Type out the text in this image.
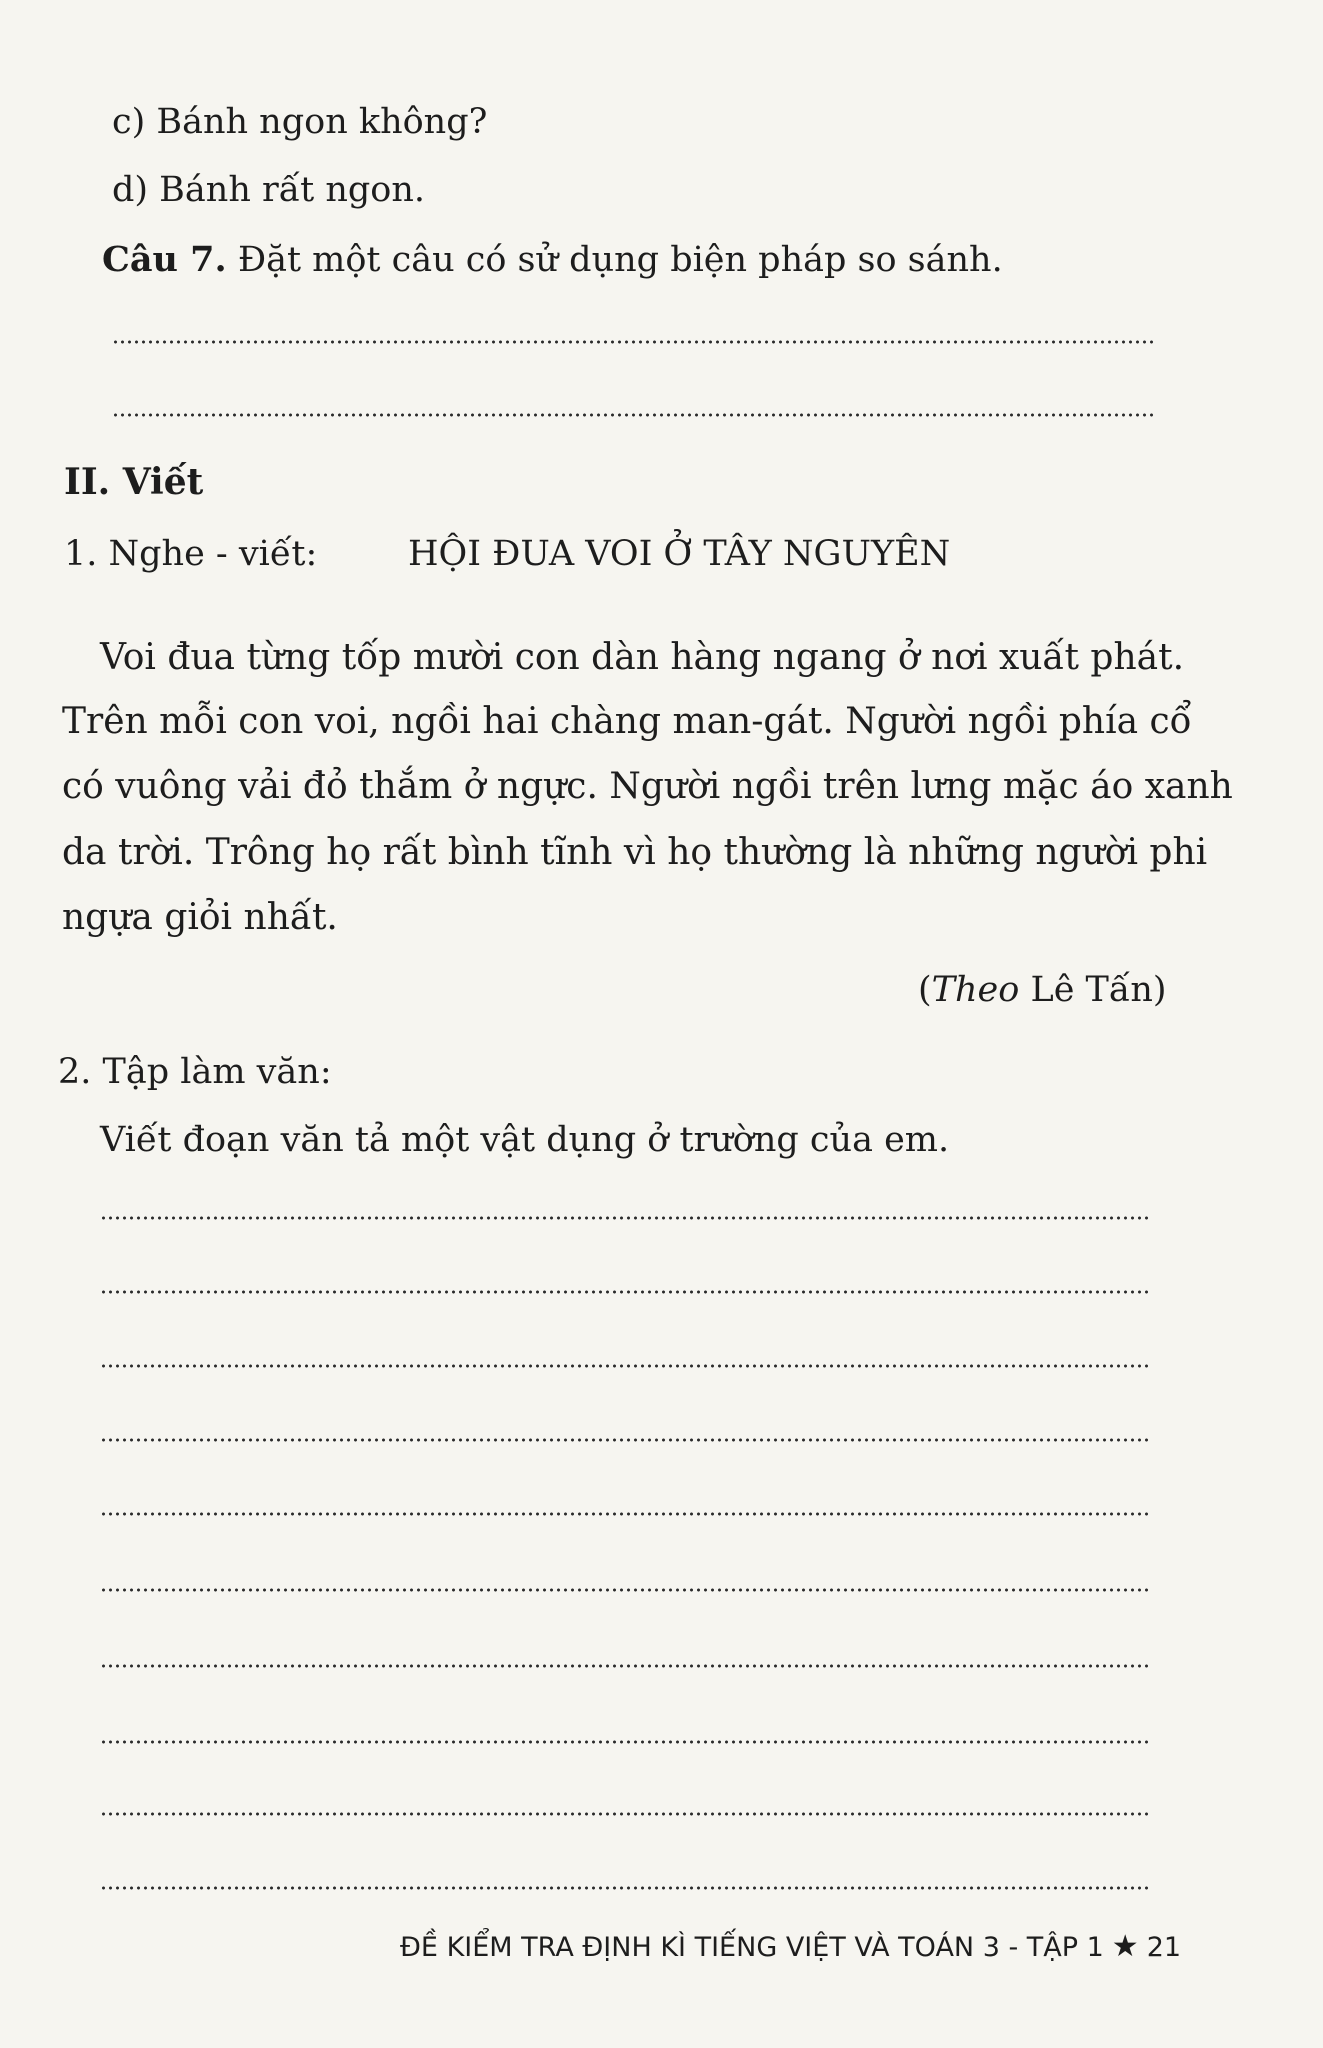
c) Bánh ngon không?
d) Bánh rất ngon.
Câu 7. Đặt một câu có sử dụng biện pháp so sánh.
II. Viết
1. Nghe - viết:	HỘI ĐUA VOI Ở TÂY NGUYÊN
Voi đua từng tốp mười con dàn hàng ngang ở nơi xuất phát.
Trên mỗi con voi, ngồi hai chàng man-gát. Người ngồi phía cổ
có vuông vải đỏ thắm ở ngực. Người ngồi trên lưng mặc áo xanh
da trời. Trông họ rất bình tĩnh vì họ thường là những người phi
ngựa giỏi nhất.
(Theo Lê Tấn)
2. Tập làm văn:
Viết đoạn văn tả một vật dụng ở trường của em.
ĐỀ KIỂM TRA ĐỊNH KÌ TIẾNG VIỆT VÀ TOÁN 3 - TẬP 1 ★ 21
